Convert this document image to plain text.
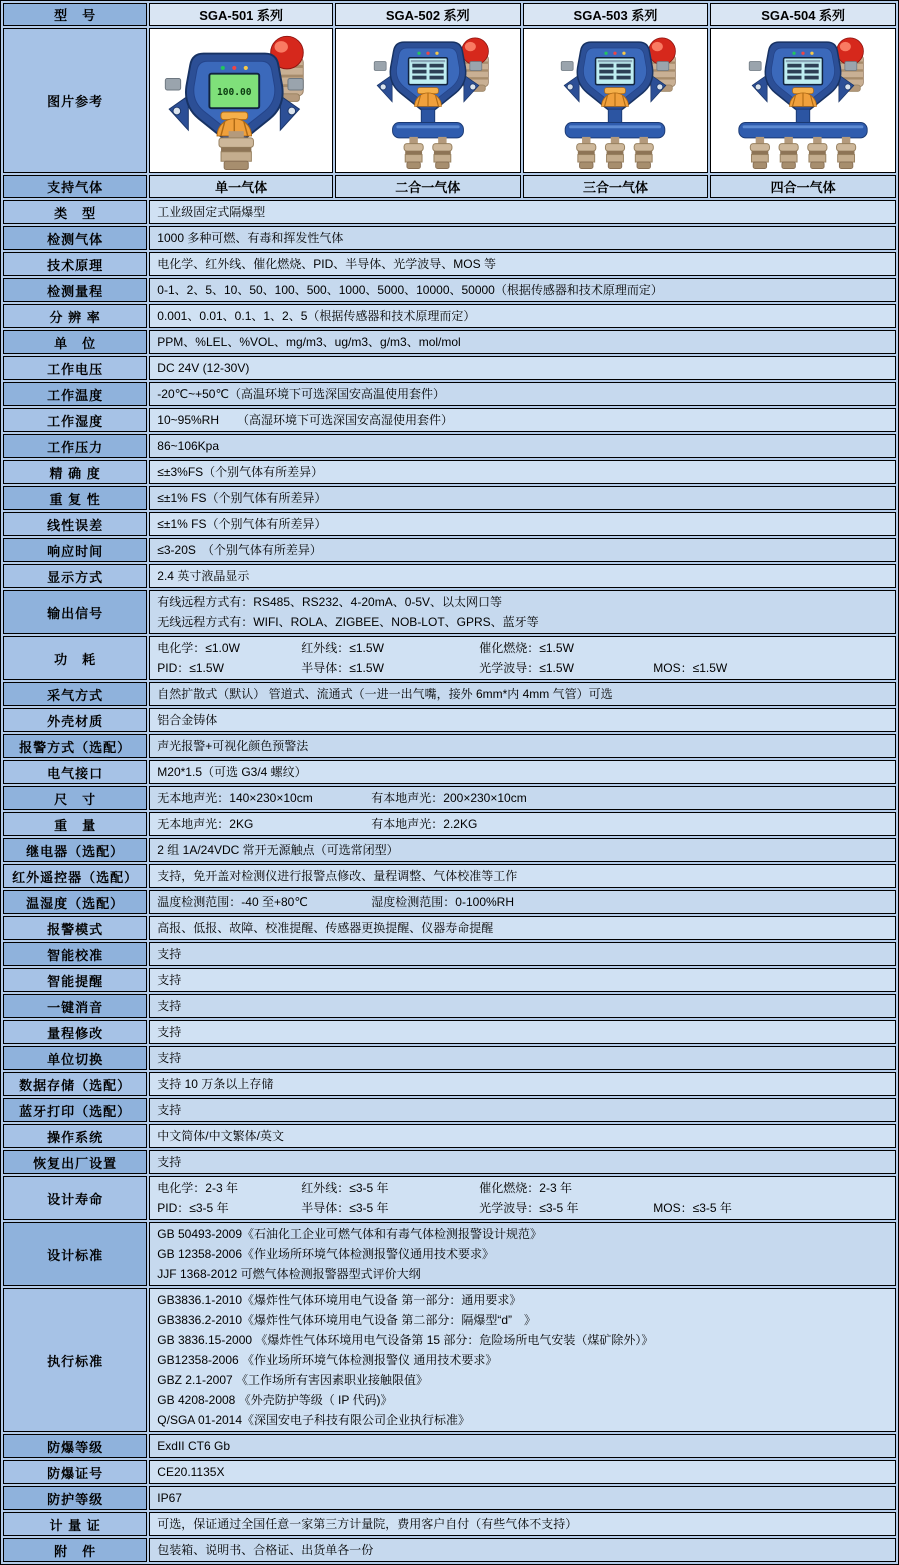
型　号	SGA-501 系列	SGA-502 系列	SGA-503 系列	SGA-504 系列
图片参考	100.00

支持气体	单一气体	二合一气体	三合一气体	四合一气体
类　型	工业级固定式隔爆型			

检测气体	1000 多种可燃、有毒和挥发性气体			

技术原理	电化学、红外线、催化燃烧、PID、半导体、光学波导、MOS 等			

检测量程	0-1、2、5、10、50、100、500、1000、5000、10000、50000（根据传感器和技术原理而定）			

分 辨 率	0.001、0.01、0.1、1、2、5（根据传感器和技术原理而定）			

单　位	PPM、%LEL、%VOL、mg/m3、ug/m3、g/m3、mol/mol			

工作电压	DC 24V (12-30V)			

工作温度	-20℃~+50℃（高温环境下可选深国安高温使用套件）			

工作湿度	10~95%RH　　（高湿环境下可选深国安高湿使用套件）			

工作压力	86~106Kpa			

精 确 度	≤±3%FS（个别气体有所差异）			

重 复 性	≤±1% FS（个别气体有所差异）			

线性误差	≤±1% FS（个别气体有所差异）			

响应时间	≤3-20S　（个别气体有所差异）			

显示方式	2.4 英寸液晶显示			

输出信号	有线远程方式有：RS485、RS232、4-20mA、0-5V、以太网口等
无线远程方式有：WIFI、ROLA、ZIGBEE、NOB-LOT、GPRS、蓝牙等			

功　耗	电化学：≤1.0W 红外线：≤1.5W 催化燃烧：≤1.5W
PID：≤1.5W 半导体：≤1.5W 光学波导：≤1.5W MOS：≤1.5W			

采气方式	自然扩散式（默认） 管道式、流通式（一进一出气嘴，接外 6mm*内 4mm 气管）可选			

外壳材质	铝合金铸体			

报警方式（选配）	声光报警+可视化颜色预警法			

电气接口	M20*1.5（可选 G3/4 螺纹）			

尺　寸	无本地声光：140×230×10cm 有本地声光：200×230×10cm			

重　量	无本地声光：2KG 有本地声光：2.2KG			

继电器（选配）	2 组 1A/24VDC 常开无源触点（可选常闭型）			

红外遥控器（选配）	支持，免开盖对检测仪进行报警点修改、量程调整、气体校准等工作			

温湿度（选配）	温度检测范围：-40 至+80℃ 湿度检测范围：0-100%RH			

报警模式	高报、低报、故障、校准提醒、传感器更换提醒、仪器寿命提醒			

智能校准	支持			

智能提醒	支持			

一键消音	支持			

量程修改	支持			

单位切换	支持			

数据存储（选配）	支持 10 万条以上存储			

蓝牙打印（选配）	支持			

操作系统	中文简体/中文繁体/英文			

恢复出厂设置	支持			

设计寿命	电化学：2-3 年 红外线：≤3-5 年 催化燃烧：2-3 年
PID：≤3-5 年 半导体：≤3-5 年 光学波导：≤3-5 年 MOS：≤3-5 年			

设计标准	GB 50493-2009《石油化工企业可燃气体和有毒气体检测报警设计规范》
GB 12358-2006《作业场所环境气体检测报警仪通用技术要求》
JJF 1368-2012 可燃气体检测报警器型式评价大纲			

执行标准	
GB3836.1-2010《爆炸性气体环境用电气设备 第一部分：通用要求》
GB3836.2-2010《爆炸性气体环境用电气设备 第二部分：隔爆型“d”　》
GB 3836.15-2000 《爆炸性气体环境用电气设备第 15 部分：危险场所电气安装（煤矿除外）》
GB12358-2006 《作业场所环境气体检测报警仪 通用技术要求》
GBZ 2.1-2007 《工作场所有害因素职业接触限值》
GB 4208-2008 《外壳防护等级（ IP 代码)》
Q/SGA 01-2014《深国安电子科技有限公司企业执行标准》

防爆等级	ExdII CT6 Gb			

防爆证号	CE20.1135X			

防护等级	IP67			

计 量 证	可选，保证通过全国任意一家第三方计量院，费用客户自付（有些气体不支持）			

附　件	包装箱、说明书、合格证、出货单各一份			
